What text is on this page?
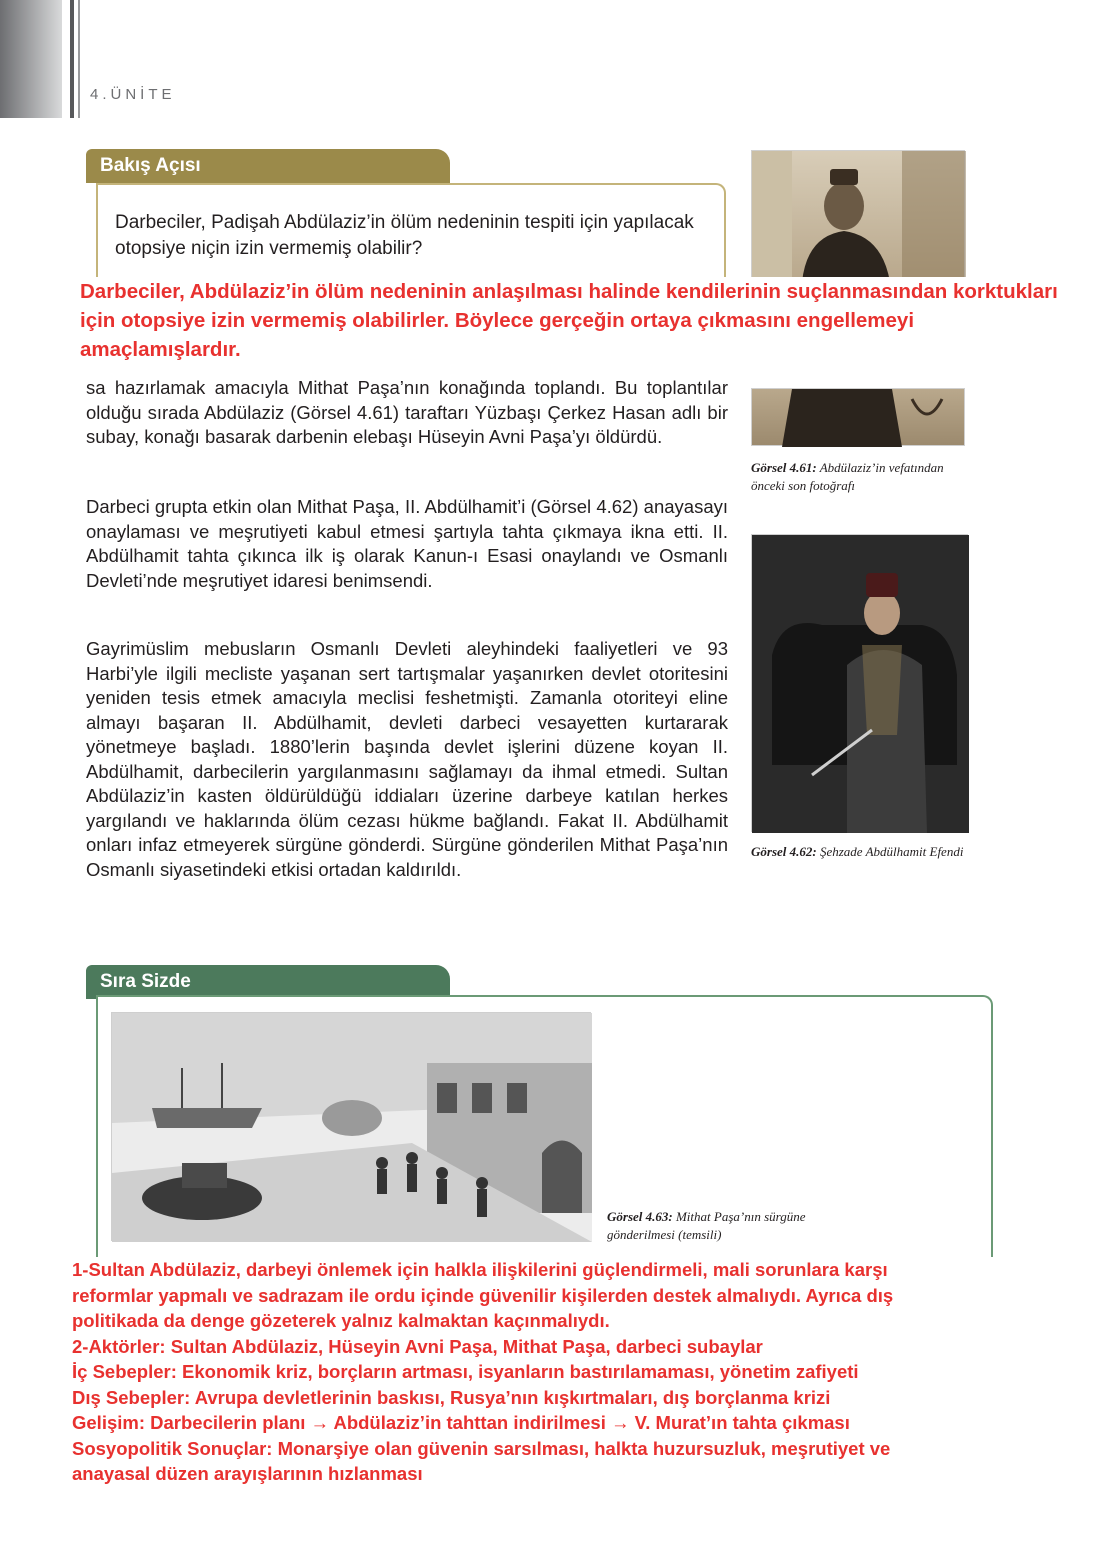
4.ÜNİTE
Bakış Açısı
Darbeciler, Padişah Abdülaziz’in ölüm nedeninin tespiti için yapılacak otopsiye niçin izin vermemiş olabilir?
Görsel 4.61: Abdülaziz’in vefatından önceki son fotoğrafı
Görsel 4.62: Şehzade Abdülhamit Efendi
sa hazırlamak amacıyla Mithat Paşa’nın konağında toplandı. Bu toplantılar olduğu sırada Abdülaziz (Görsel 4.61) taraftarı Yüzbaşı Çerkez Hasan adlı bir subay, konağı basarak darbenin elebaşı Hüseyin Avni Paşa’yı öldürdü.
Darbeci grupta etkin olan Mithat Paşa, II. Abdülhamit’i (Görsel 4.62) anayasayı onaylaması ve meşrutiyeti kabul etmesi şartıyla tahta çıkmaya ikna etti. II. Abdülhamit tahta çıkınca ilk iş olarak Kanun-ı Esasi onaylandı ve Osmanlı Devleti’nde meşrutiyet idaresi benimsendi.
Gayrimüslim mebusların Osmanlı Devleti aleyhindeki faaliyetleri ve 93 Harbi’yle ilgili mecliste yaşanan sert tartışmalar yaşanırken devlet otoritesini yeniden tesis etmek amacıyla meclisi feshetmişti. Zamanla otoriteyi eline almayı başaran II. Abdülhamit, devleti darbeci vesayetten kurtararak yönetmeye başladı. 1880’lerin başında devlet işlerini düzene koyan II. Abdülhamit, darbecilerin yargılanmasını sağlamayı da ihmal etmedi. Sultan Abdülaziz’in kasten öldürüldüğü iddiaları üzerine darbeye katılan herkes yargılandı ve haklarında ölüm cezası hükme bağlandı. Fakat II. Abdülhamit onları infaz etmeyerek sürgüne gönderdi. Sürgüne gönderilen Mithat Paşa’nın Osmanlı siyasetindeki etkisi ortadan kaldırıldı.
Darbeciler, Abdülaziz’in ölüm nedeninin anlaşılması halinde kendilerinin suçlanmasından korktukları için otopsiye izin vermemiş olabilirler. Böylece gerçeğin ortaya çıkmasını engellemeyi amaçlamışlardır.
Sıra Sizde
Görsel 4.63: Mithat Paşa’nın sürgüne gönderilmesi (temsili)
1-Sultan Abdülaziz, darbeyi önlemek için halkla ilişkilerini güçlendirmeli, mali sorunlara karşı
reformlar yapmalı ve sadrazam ile ordu içinde güvenilir kişilerden destek almalıydı. Ayrıca dış
politikada da denge gözeterek yalnız kalmaktan kaçınmalıydı.
2-Aktörler: Sultan Abdülaziz, Hüseyin Avni Paşa, Mithat Paşa, darbeci subaylar
İç Sebepler: Ekonomik kriz, borçların artması, isyanların bastırılamaması, yönetim zafiyeti
Dış Sebepler: Avrupa devletlerinin baskısı, Rusya’nın kışkırtmaları, dış borçlanma krizi
Gelişim: Darbecilerin planı → Abdülaziz’in tahttan indirilmesi → V. Murat’ın tahta çıkması
Sosyopolitik Sonuçlar: Monarşiye olan güvenin sarsılması, halkta huzursuzluk, meşrutiyet ve
anayasal düzen arayışlarının hızlanması
